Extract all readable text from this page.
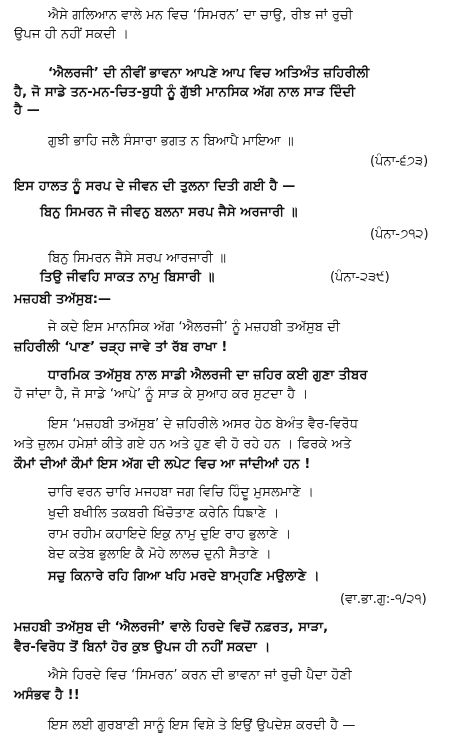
ਐਸੇ ਗਲਿਆਨ ਵਾਲੇ ਮਨ ਵਿਚ ‘ਸਿਮਰਨ’ ਦਾ ਚਾਉ, ਰੀਝ ਜਾਂ ਰੁਚੀ
ਉਪਜ ਹੀ ਨਹੀਂ ਸਕਦੀ ।
‘ਐਲਰਜੀ’ ਦੀ ਨੀਵੀਂ ਭਾਵਨਾ ਆਪਣੇ ਆਪ ਵਿਚ ਅਤਿਅੰਤ ਜ਼ਹਿਰੀਲੀ
ਹੈ, ਜੋ ਸਾਡੇ ਤਨ-ਮਨ-ਚਿਤ-ਬੁਧੀ ਨੂੰ ਗੁੱਝੀ ਮਾਨਸਿਕ ਅੱਗ ਨਾਲ ਸਾੜ ਦਿੰਦੀ
ਹੈ —
ਗੁਝੀ ਭਾਹਿ ਜਲੈ ਸੰਸਾਰਾ ਭਗਤ ਨ ਬਿਆਪੈ ਮਾਇਆ ॥
(ਪੰਨਾ-੬੭੩)
ਇਸ ਹਾਲਤ ਨੂੰ ਸਰਪ ਦੇ ਜੀਵਨ ਦੀ ਤੁਲਨਾ ਦਿਤੀ ਗਈ ਹੈ —
ਬਿਨੁ ਸਿਮਰਨ ਜੋ ਜੀਵਨੁ ਬਲਨਾ ਸਰਪ ਜੈਸੇ ਅਰਜਾਰੀ ॥
(ਪੰਨਾ-੭੧੨)
ਬਿਨੁ ਸਿਮਰਨ ਜੈਸੇ ਸਰਪ ਆਰਜਾਰੀ ॥
ਤਿਉ ਜੀਵਹਿ ਸਾਕਤ ਨਾਮੁ ਬਿਸਾਰੀ ॥	(ਪੰਨਾ-੨੩੯)
ਮਜ਼ਹਬੀ ਤਅੱਸੁਬ:—
ਜੇ ਕਦੇ ਇਸ ਮਾਨਸਿਕ ਅੱਗ ‘ਐਲਰਜੀ’ ਨੂੰ ਮਜ਼ਹਬੀ ਤਅੱਸੁਬ ਦੀ
ਜ਼ਹਿਰੀਲੀ ‘ਪਾਣ’ ਚੜ੍ਹ ਜਾਵੇ ਤਾਂ ਰੱਬ ਰਾਖਾ !
ਧਾਰਮਿਕ ਤਅੱਸੁਬ ਨਾਲ ਸਾਡੀ ਐਲਰਜੀ ਦਾ ਜ਼ਹਿਰ ਕਈ ਗੁਣਾ ਤੀਬਰ
ਹੋ ਜਾਂਦਾ ਹੈ, ਜੋ ਸਾਡੇ ‘ਆਪੇ’ ਨੂੰ ਸਾੜ ਕੇ ਸੁਆਹ ਕਰ ਸੁਟਦਾ ਹੈ ।
ਇਸ ‘ਮਜ਼ਹਬੀ ਤਅੱਸੁਬ’ ਦੇ ਜ਼ਹਿਰੀਲੇ ਅਸਰ ਹੇਠ ਬੇਅੰਤ ਵੈਰ-ਵਿਰੋਧ
ਅਤੇ ਜ਼ੁਲਮ ਹਮੇਸ਼ਾਂ ਕੀਤੇ ਗਏ ਹਨ ਅਤੇ ਹੁਣ ਵੀ ਹੋ ਰਹੇ ਹਨ । ਫਿਰਕੇ ਅਤੇ
ਕੌਮਾਂ ਦੀਆਂ ਕੌਮਾਂ ਇਸ ਅੱਗ ਦੀ ਲਪੇਟ ਵਿਚ ਆ ਜਾਂਦੀਆਂ ਹਨ !
ਚਾਰਿ ਵਰਨ ਚਾਰਿ ਮਜਹਬਾ ਜਗ ਵਿਚਿ ਹਿੰਦੂ ਮੁਸਲਮਾਣੇ ।
ਖੁਦੀ ਬਖੀਲਿ ਤਕਬਰੀ ਖਿੰਚੋਤਾਣ ਕਰੇਨਿ ਧਿਙਾਣੇ ।
ਰਾਮ ਰਹੀਮ ਕਹਾਇਦੇ ਇਕੁ ਨਾਮੁ ਦੁਇ ਰਾਹ ਭੁਲਾਣੇ ।
ਬੇਦ ਕਤੇਬ ਭੁਲਾਇ ਕੈ ਮੋਹੇ ਲਾਲਚ ਦੁਨੀ ਸੈਤਾਣੇ ।
ਸਚੁ ਕਿਨਾਰੇ ਰਹਿ ਗਿਆ ਖਹਿ ਮਰਦੇ ਬਾਮ੍ਹਣਿ ਮਉਲਾਣੇ ।
(ਵਾ.ਭਾ.ਗੁ:-੧/੨੧)
ਮਜ਼ਹਬੀ ਤਅੱਸੁਬ ਦੀ ‘ਐਲਰਜੀ’ ਵਾਲੇ ਹਿਰਦੇ ਵਿਚੋਂ ਨਫ਼ਰਤ, ਸਾੜਾ,
ਵੈਰ-ਵਿਰੋਧ ਤੋਂ ਬਿਨਾਂ ਹੋਰ ਕੁਝ ਉਪਜ ਹੀ ਨਹੀਂ ਸਕਦਾ ।
ਐਸੇ ਹਿਰਦੇ ਵਿਚ ‘ਸਿਮਰਨ’ ਕਰਨ ਦੀ ਭਾਵਨਾ ਜਾਂ ਰੁਚੀ ਪੈਦਾ ਹੋਣੀ
ਅਸੰਭਵ ਹੈ !!
ਇਸ ਲਈ ਗੁਰਬਾਣੀ ਸਾਨੂੰ ਇਸ ਵਿਸ਼ੇ ਤੇ ਇਉਂ ਉਪਦੇਸ਼ ਕਰਦੀ ਹੈ —
